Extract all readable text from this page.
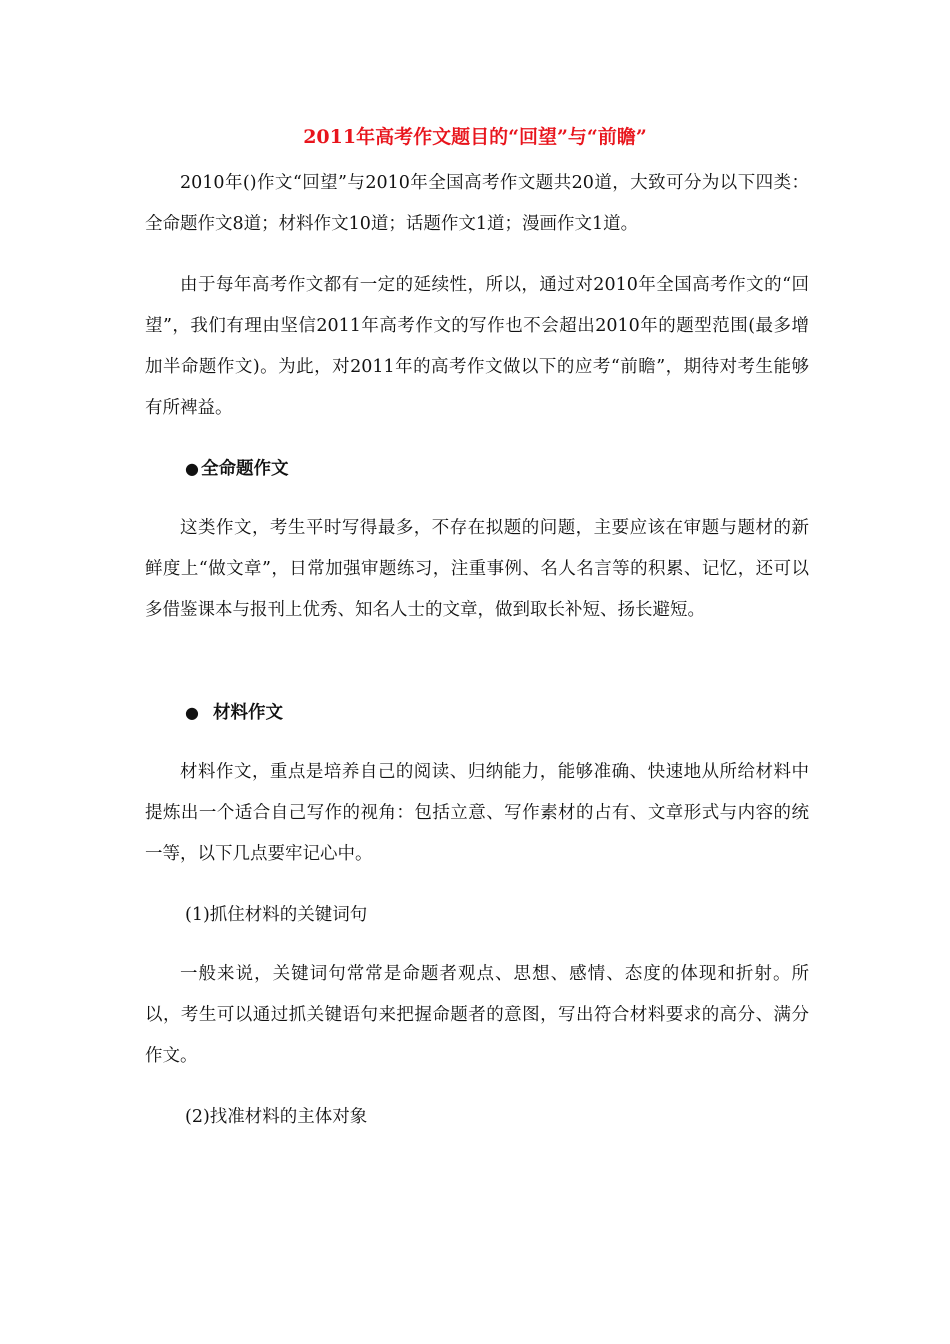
2011年高考作文题目的“回望”与“前瞻”
2010年()作文“回望”与2010年全国高考作文题共20道，大致可分为以下四类：全命题作文8道；材料作文10道；话题作文1道；漫画作文1道。
由于每年高考作文都有一定的延续性，所以，通过对2010年全国高考作文的“回望”，我们有理由坚信2011年高考作文的写作也不会超出2010年的题型范围(最多增加半命题作文)。为此，对2011年的高考作文做以下的应考“前瞻”，期待对考生能够有所裨益。
● 全命题作文
这类作文，考生平时写得最多，不存在拟题的问题，主要应该在审题与题材的新鲜度上“做文章”，日常加强审题练习，注重事例、名人名言等的积累、记忆，还可以多借鉴课本与报刊上优秀、知名人士的文章，做到取长补短、扬长避短。
● 材料作文
材料作文，重点是培养自己的阅读、归纳能力，能够准确、快速地从所给材料中提炼出一个适合自己写作的视角：包括立意、写作素材的占有、文章形式与内容的统一等，以下几点要牢记心中。
(1)抓住材料的关键词句
一般来说，关键词句常常是命题者观点、思想、感情、态度的体现和折射。所以，考生可以通过抓关键语句来把握命题者的意图，写出符合材料要求的高分、满分作文。
(2)找准材料的主体对象
